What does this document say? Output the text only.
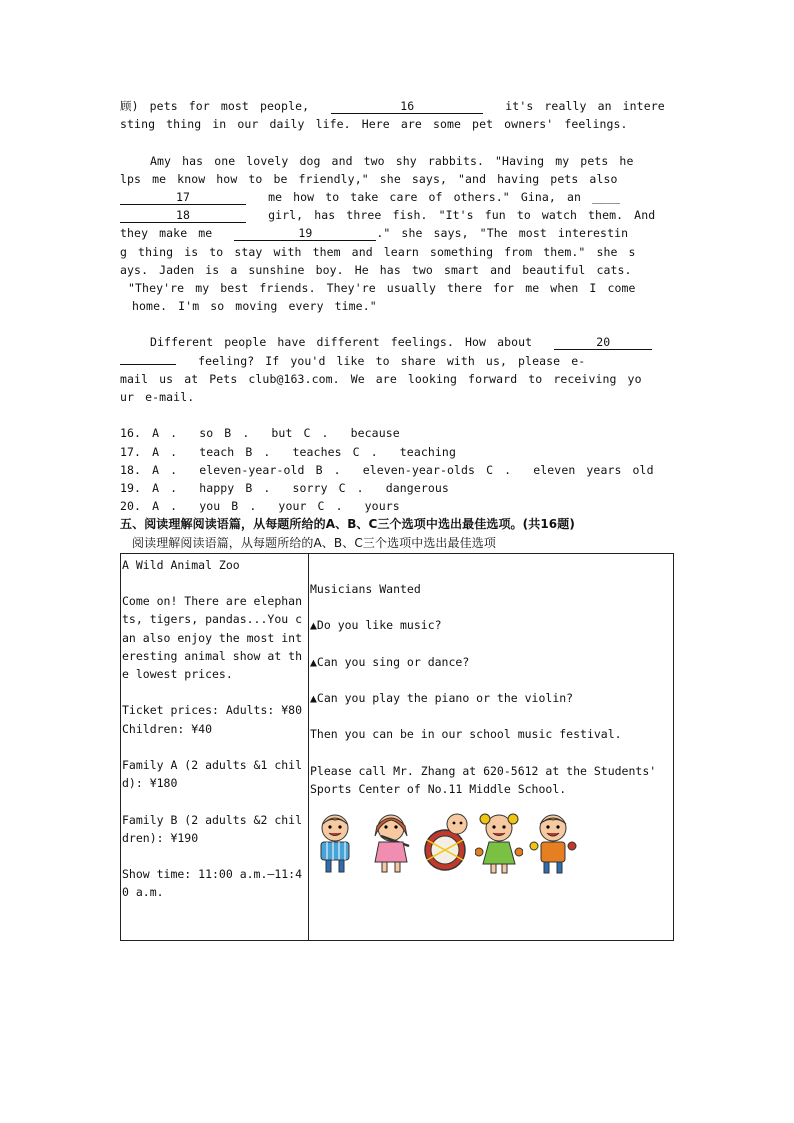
顾) pets for most people,	16	it's really an intere
sting thing in our daily life. Here are some pet owners' feelings.
Amy has one lovely dog and two shy rabbits. "Having my pets he
lps me know how to be friendly," she says, "and having pets also
17	me how to take care of others." Gina, an ____
18	girl, has three fish. "It's fun to watch them. And
they make me	19	." she says, "The most interestin
g thing is to stay with them and learn something from them." she s
ays. Jaden is a sunshine boy. He has two smart and beautiful cats.
"They're my best friends. They're usually there for me when I come
home. I'm so moving every time."
Different people have different feelings. How about	20
feeling? If you'd like to share with us, please e-
mail us at Pets club@163.com. We are looking forward to receiving yo
ur e-mail.
16. A .  so B .  but C .  because
17. A .  teach B .  teaches C .  teaching
18. A .  eleven-year-old B .  eleven-year-olds C .  eleven years old
19. A .  happy B .  sorry C .  dangerous
20. A .  you B .  your C .  yours
五、阅读理解阅读语篇，从每题所给的A、B、C三个选项中选出最佳选项。(共16题)
阅读理解阅读语篇，从每题所给的A、B、C三个选项中选出最佳选项
A Wild Animal Zoo

Come on! There are elephants, tigers, pandas...You can also enjoy the most interesting animal show at the lowest prices.

Ticket prices: Adults: ¥80 Children: ¥40

Family A (2 adults &1 child): ¥180

Family B (2 adults &2 children): ¥190

Show time: 11:00 a.m.—11:40 a.m.

Musicians Wanted

▲Do you like music?

▲Can you sing or dance?

▲Can you play the piano or the violin?

Then you can be in our school music festival.

Please call Mr. Zhang at 620-5612 at the Students' Sports Center of No.11 Middle School.
